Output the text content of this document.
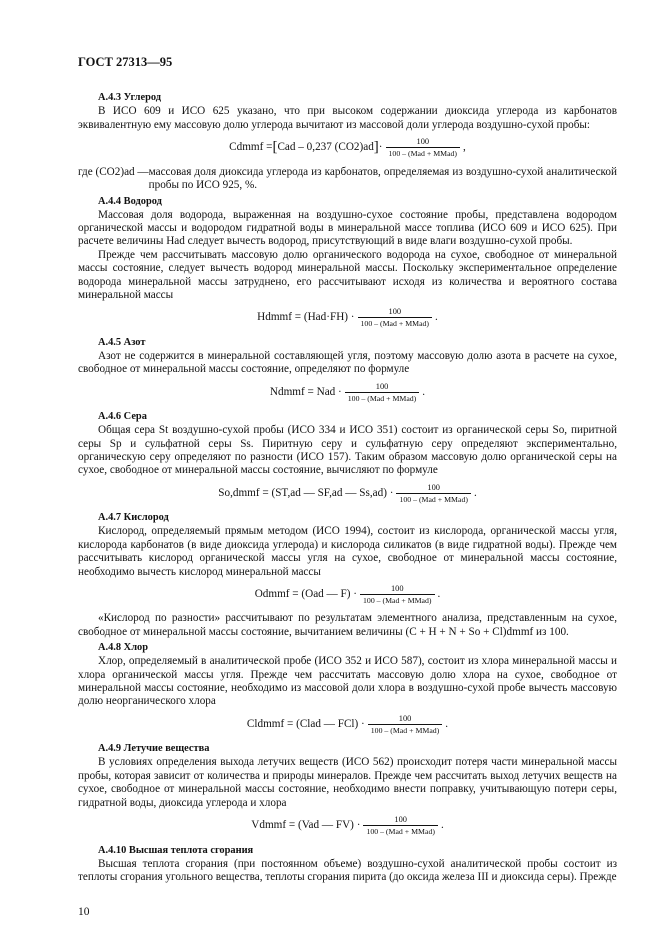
ГОСТ 27313—95
А.4.3 Углерод

В ИСО 609 и ИСО 625 указано, что при высоком содержании диоксида углерода из карбонатов эквивалентную ему массовую долю углерода вычитают из массовой доли углерода воздушно-сухой пробы:

Cdmmf = [ Cad – 0,237 (CO2)ad ] · $\frac{100}{\text{100 – (Mad + MMad)}}$ ,
где (CO2)ad — массовая доля диоксида углерода из карбонатов, определяемая из воздушно-сухой аналитической пробы по ИСО 925, %.
А.4.4 Водород

Массовая доля водорода, выраженная на воздушно-сухое состояние пробы, представлена водородом органической массы и водородом гидратной воды в минеральной массе топлива (ИСО 609 и ИСО 625). При расчете величины Had следует вычесть водород, присутствующий в виде влаги воздушно-сухой пробы.

Прежде чем рассчитывать массовую долю органического водорода на сухое, свободное от минеральной массы состояние, следует вычесть водород минеральной массы. Поскольку экспериментальное определение водорода минеральной массы затруднено, его рассчитывают исходя из количества и вероятного состава минеральной массы

Hdmmf = $(Had\cdot FH) \cdot \frac{100}{\text{100 – (Mad + MMad)}}$ .
А.4.5 Азот

Азот не содержится в минеральной составляющей угля, поэтому массовую долю азота в расчете на сухое, свободное от минеральной массы состояние, определяют по формуле

Ndmmf = Nad · $\frac{100}{\text{100 – (Mad + MMad)}}$ .
А.4.6 Сера

Общая сера St воздушно-сухой пробы (ИСО 334 и ИСО 351) состоит из органической серы So, пиритной серы Sp и сульфатной серы Ss. Пиритную серу и сульфатную серу определяют экспериментально, органическую серу определяют по разности (ИСО 157). Таким образом массовую долю органической серы на сухое, свободное от минеральной массы состояние, вычисляют по формуле

So,dmmf = (ST,ad — SF,ad — $Ss,ad) \cdot \frac{100}{\text{100 – (Mad + MMad)}}$ .
А.4.7 Кислород

Кислород, определяемый прямым методом (ИСО 1994), состоит из кислорода, органической массы угля, кислорода карбонатов (в виде диоксида углерода) и кислорода силикатов (в виде гидратной воды). Прежде чем рассчитывать кислород органической массы угля на сухое, свободное от минеральной массы состояние, необходимо вычесть кислород минеральной массы

Odmmf = (Oad — $F) \cdot \frac{100}{\text{100 – (Mad + MMad)}}$ .

«Кислород по разности» рассчитывают по результатам элементного анализа, представленным на сухое, свободное от минеральной массы состояние, вычитанием величины (C + H + N + So + Cl)dmmf из 100.

А.4.8 Хлор

Хлор, определяемый в аналитической пробе (ИСО 352 и ИСО 587), состоит из хлора минеральной массы и хлора органической массы угля. Прежде чем рассчитать массовую долю хлора на сухое, свободное от минеральной массы состояние, необходимо из массовой доли хлора в воздушно-сухой пробе вычесть массовую долю неорганического хлора

Cldmmf = (Clad — $FCl) \cdot \frac{100}{\text{100 – (Mad + MMad)}}$ .
А.4.9 Летучие вещества

В условиях определения выхода летучих веществ (ИСО 562) происходит потеря части минеральной массы пробы, которая зависит от количества и природы минералов. Прежде чем рассчитать выход летучих веществ на сухое, свободное от минеральной массы состояние, необходимо внести поправку, учитывающую потери серы, гидратной воды, диоксида углерода и хлора

Vdmmf = (Vad — $FV) \cdot \frac{100}{\text{100 – (Mad + MMad)}}$ .
А.4.10 Высшая теплота сгорания

Высшая теплота сгорания (при постоянном объеме) воздушно-сухой аналитической пробы состоит из теплоты сгорания угольного вещества, теплоты сгорания пирита (до оксида железа III и диоксида серы). Прежде

10
